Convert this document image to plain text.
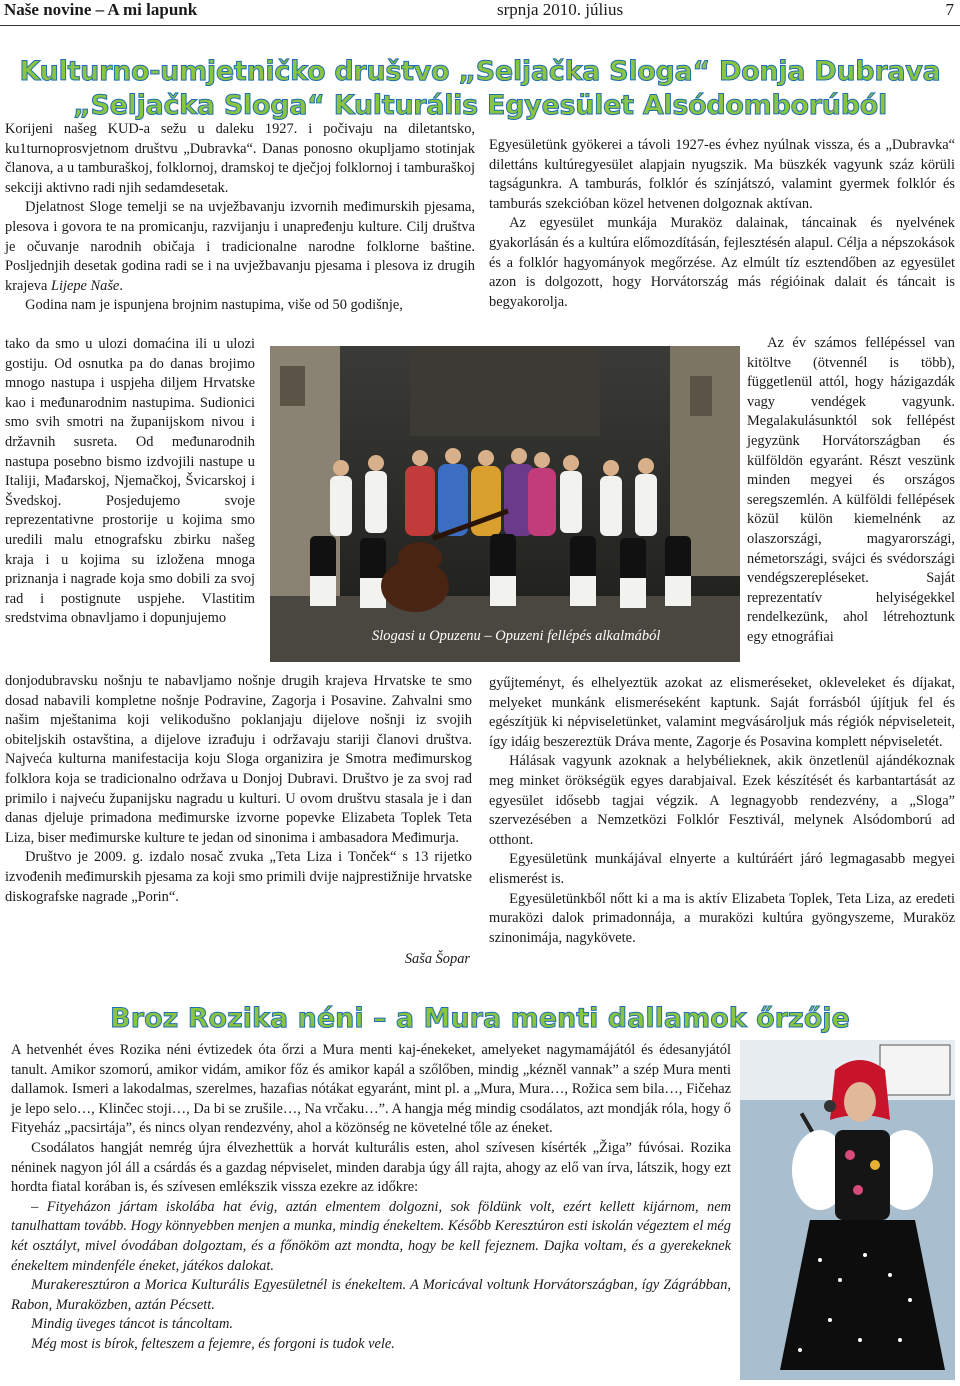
Naše novine – A mi lapunk	srpnja 2010. július	7
Kulturno-umjetničko društvo „Seljačka Sloga“ Donja Dubrava
„Seljačka Sloga“ Kulturális Egyesület Alsódomborúból

Korijeni našeg KUD-a sežu u daleku 1927. i počivaju na diletantsko, ku1turnoprosvjetnom društvu „Dubravka“. Danas ponosno okupljamo stotinjak članova, a u tamburaškoj, folklornoj, dramskoj te dječjoj folklornoj i tamburaškoj sekciji aktivno radi njih sedamdesetak.

Djelatnost Sloge temelji se na uvježbavanju izvornih međimurskih pjesama, plesova i govora te na promicanju, razvijanju i unapređenju kulture. Cilj društva je očuvanje narodnih običaja i tradicionalne narodne folklorne baštine. Posljednjih desetak godina radi se i na uvježbavanju pjesama i plesova iz drugih krajeva Lijepe Naše.

Godina nam je ispunjena brojnim nastupima, više od 50 godišnje,

tako da smo u ulozi domaćina ili u ulozi gostiju. Od osnutka pa do danas brojimo mnogo nastupa i uspjeha diljem Hrvatske kao i međunarodnim nastupima. Sudionici smo svih smotri na županijskom nivou i državnih susreta. Od međunarodnih nastupa posebno bismo izdvojili nastupe u Italiji, Mađarskoj, Njemačkoj, Švicarskoj i Švedskoj. Posjedujemo svoje reprezentativne prostorije u kojima smo uredili malu etnografsku zbirku našeg kraja i u kojima su izložena mnoga priznanja i nagrade koja smo dobili za svoj rad i postignute uspjehe. Vlastitim sredstvima obnavljamo i dopunjujemo

donjodubravsku nošnju te nabavljamo nošnje drugih krajeva Hrvatske te smo dosad nabavili kompletne nošnje Podravine, Zagorja i Posavine. Zahvalni smo našim mještanima koji velikodušno poklanjaju dijelove nošnji iz svojih obiteljskih ostavština, a dijelove izrađuju i održavaju stariji članovi društva. Najveća kulturna manifestacija koju Sloga organizira je Smotra međimurskog folklora koja se tradicionalno održava u Donjoj Dubravi. Društvo je za svoj rad primilo i najveću županijsku nagradu u kulturi. U ovom društvu stasala je i dan danas djeluje primadona međimurske izvorne popevke Elizabeta Toplek Teta Liza, biser međimurske kulture te jedan od sinonima i ambasadora Međimurja.

Društvo je 2009. g. izdalo nosač zvuka „Teta Liza i Tonček“ s 13 rijetko izvođenih međimurskih pjesama za koji smo primili dvije najprestižnije hrvatske diskografske nagrade „Porin“.

Saša Šopar

Egyesületünk gyökerei a távoli 1927-es évhez nyúlnak vissza, és a „Dubravka“ dilettáns kultúregyesület alapjain nyugszik. Ma büszkék vagyunk száz körüli tagságunkra. A tamburás, folklór és színjátszó, valamint gyermek folklór és tamburás szekcióban közel hetvenen dolgoznak aktívan.

Az egyesület munkája Muraköz dalainak, táncainak és nyelvének gyakorlásán és a kultúra előmozdításán, fejlesztésén alapul. Célja a népszokások és a folklór hagyományok megőrzése. Az elmúlt tíz esztendőben az egyesület azon is dolgozott, hogy Horvátország más régióinak dalait és táncait is begyakorolja.

Az év számos fellépéssel van kitöltve (ötvennél is több), függetlenül attól, hogy házigazdák vagy vendégek vagyunk. Megalakulásunktól sok fellépést jegyzünk Horvátországban és külföldön egyaránt. Részt veszünk minden megyei és országos seregszemlén. A külföldi fellépések közül külön kiemelnénk az olaszországi, magyarországi, németországi, svájci és svédországi vendégszerepléseket. Saját reprezentatív helyiségekkel rendelkezünk, ahol létrehoztunk egy etnográfiai

gyűjteményt, és elhelyeztük azokat az elismeréseket, okleveleket és díjakat, melyeket munkánk elismeréseként kaptunk. Saját forrásból újítjuk fel és egészítjük ki népviseletünket, valamint megvásároljuk más régiók népviseleteit, így idáig beszereztük Dráva mente, Zagorje és Posavina komplett népviseletét.

Hálásak vagyunk azoknak a helybélieknek, akik önzetlenül ajándékoznak meg minket örökségük egyes darabjaival. Ezek készítését és karbantartását az egyesület idősebb tagjai végzik. A legnagyobb rendezvény, a „Sloga” szervezésében a Nemzetközi Folklór Fesztivál, melynek Alsódomború ad otthont.

Egyesületünk munkájával elnyerte a kultúráért járó legmagasabb megyei elismerést is.

Egyesületünkből nőtt ki a ma is aktív Elizabeta Toplek, Teta Liza, az eredeti muraközi dalok primadonnája, a muraközi kultúra gyöngyszeme, Muraköz szinonimája, nagykövete.

Slogasi u Opuzenu – Opuzeni fellépés alkalmából
Broz Rozika néni – a Mura menti dallamok őrzője

A hetvenhét éves Rozika néni évtizedek óta őrzi a Mura menti kaj-énekeket, amelyeket nagymamájától és édesanyjától tanult. Amikor szomorú, amikor vidám, amikor főz és amikor kapál a szőlőben, mindig „kézněl vannak” a szép Mura menti dallamok. Ismeri a lakodalmas, szerelmes, hazafias nótákat egyaránt, mint pl. a „Mura, Mura…, Rožica sem bila…, Fičehaz je lepo selo…, Klinčec stoji…, Da bi se zrušile…, Na vrčaku…”. A hangja még mindig csodálatos, azt mondják róla, hogy ő Fityeház „pacsirtája”, és nincs olyan rendezvény, ahol a közönség ne követelné tőle az éneket.

Csodálatos hangját nemrég újra élvezhettük a horvát kulturális esten, ahol szívesen kísérték „Žiga” fúvósai. Rozika néninek nagyon jól áll a csárdás és a gazdag népviselet, minden darabja úgy áll rajta, ahogy az elő van írva, látszik, hogy ezt hordta fiatal korában is, és szívesen emlékszik vissza ezekre az időkre:

– Fityeházon jártam iskolába hat évig, aztán elmentem dolgozni, sok földünk volt, ezért kellett kijárnom, nem tanulhattam tovább. Hogy könnyebben menjen a munka, mindig énekeltem. Később Keresztúron esti iskolán végeztem el még két osztályt, mivel óvodában dolgoztam, és a főnököm azt mondta, hogy be kell fejeznem. Dajka voltam, és a gyerekeknek énekeltem mindenféle éneket, játékos dalokat.

Murakeresztúron a Morica Kulturális Egyesületnél is énekeltem. A Moricával voltunk Horvátországban, így Zágrábban, Rabon, Muraközben, aztán Pécsett.

Mindig üveges táncot is táncoltam.

Még most is bírok, felteszem a fejemre, és forgoni is tudok vele.
